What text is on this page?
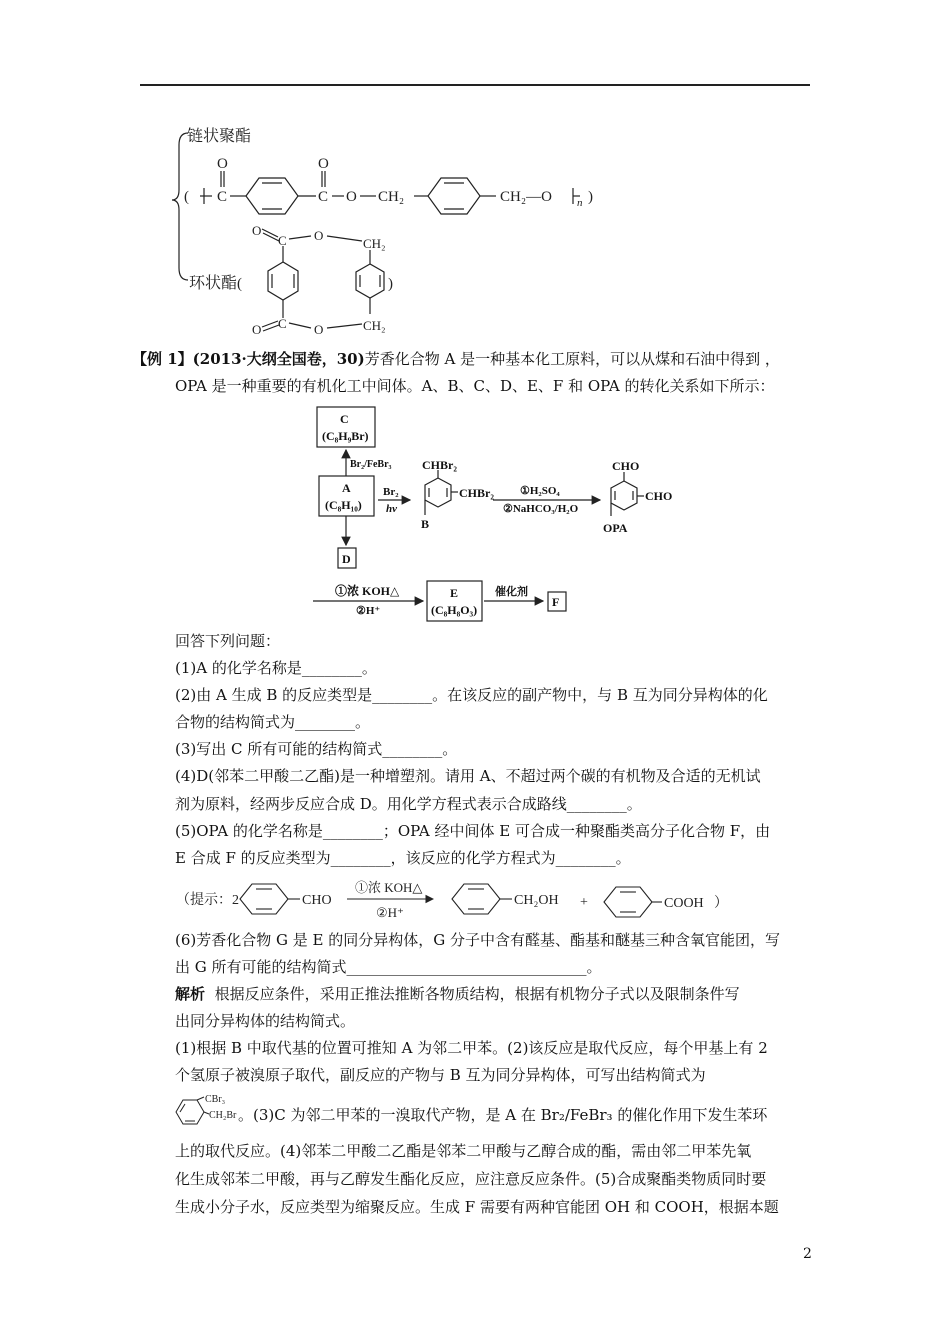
链状聚酯
(
O
C
O
C O CH₂	CH₂—O n )
O
C O
CH₂
O C O	CH₂
环状酯 (	)
【例 1】(2013·大纲全国卷，30)芳香化合物 A 是一种基本化工原料，可以从煤和石油中得到 ，
OPA 是一种重要的有机化工中间体。A、B、C、D、E、F 和 OPA 的转化关系如下所示：
C
(C₈H₉Br)
A
(C₈H₁₀)
D
Br₂/FeBr₃
Br₂
hν
CHBr₂
CHBr₂
B
①H₂SO₄
②NaHCO₃/H₂O
CHO
CHO
OPA
①浓 KOH△
②H⁺
E
(C₈H₈O₃)
催化剂
F
回答下列问题：
(1)A 的化学名称是________。
(2)由 A 生成 B 的反应类型是________。在该反应的副产物中，与 B 互为同分异构体的化
合物的结构简式为________。
(3)写出 C 所有可能的结构简式________。
(4)D(邻苯二甲酸二乙酯)是一种增塑剂。请用 A、不超过两个碳的有机物及合适的无机试
剂为原料，经两步反应合成 D。用化学方程式表示合成路线________。
(5)OPA 的化学名称是________；OPA 经中间体 E 可合成一种聚酯类高分子化合物 F，由
E 合成 F 的反应类型为________，该反应的化学方程式为________。
（提示：2	CHO
①浓 KOH△
②H⁺
CH₂OH +	COOH ）
(6)芳香化合物 G 是 E 的同分异构体，G 分子中含有醛基、酯基和醚基三种含氧官能团，写
出 G 所有可能的结构简式________________________________。
解析 根据反应条件，采用正推法推断各物质结构，根据有机物分子式以及限制条件写
出同分异构体的结构简式。
(1)根据 B 中取代基的位置可推知 A 为邻二甲苯。(2)该反应是取代反应，每个甲基上有 2
个氢原子被溴原子取代，副反应的产物与 B 互为同分异构体，可写出结构简式为
CBr₃
CH₂Br 。(3)C 为邻二甲苯的一溴取代产物，是 A 在 Br₂/FeBr₃ 的催化作用下发生苯环
上的取代反应。(4)邻苯二甲酸二乙酯是邻苯二甲酸与乙醇合成的酯，需由邻二甲苯先氧
化生成邻苯二甲酸，再与乙醇发生酯化反应，应注意反应条件。(5)合成聚酯类物质同时要
生成小分子水，反应类型为缩聚反应。生成 F 需要有两种官能团 OH 和 COOH，根据本题
2
